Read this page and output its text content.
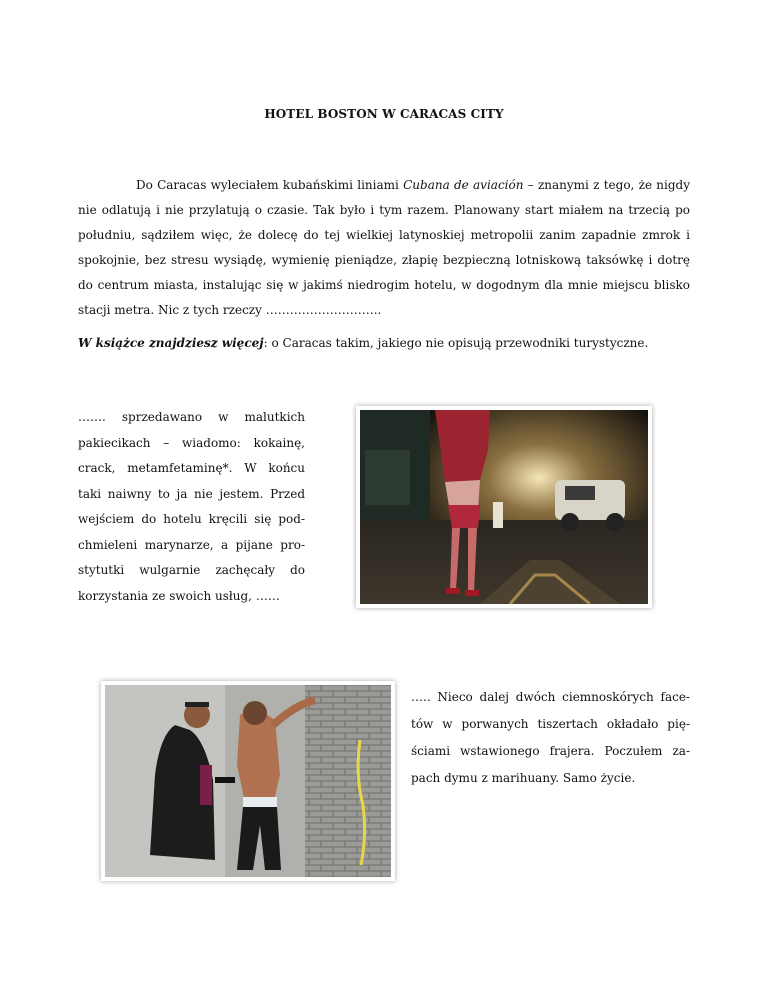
HOTEL BOSTON W CARACAS CITY

Do Caracas wyleciałem kubańskimi liniami Cubana de aviación – znanymi z tego, że nigdy nie odlatują i nie przylatują o czasie. Tak było i tym razem. Planowany start miałem na trzecią po południu, sądziłem więc, że dolecę do tej wielkiej latynoskiej metropolii zanim zapadnie zmrok i spokojnie, bez stresu wysiądę, wymienię pieniądze, złapię bezpieczną lotniskową taksówkę i dotrę do centrum miasta, instalując się w jakimś niedrogim hotelu, w dogodnym dla mnie miejscu blisko stacji metra. Nic z tych rzeczy ………………………..

W książce znajdziesz więcej: o Caracas takim, jakiego nie opisują przewodniki turystyczne.
……. sprzedawano w malutkich pakiecikach – wiadomo: kokainę, crack, metamfetaminę*. W końcu taki naiwny to ja nie jestem. Przed wejściem do hotelu kręcili się podchmieleni marynarze, a pijane prostytutki wulgarnie zachęcały do korzystania ze swoich usług, ……
….. Nieco dalej dwóch ciemnoskórych facetów w porwanych tiszertach okładało pięściami wstawionego frajera. Poczułem zapach dymu z marihuany. Samo życie.
